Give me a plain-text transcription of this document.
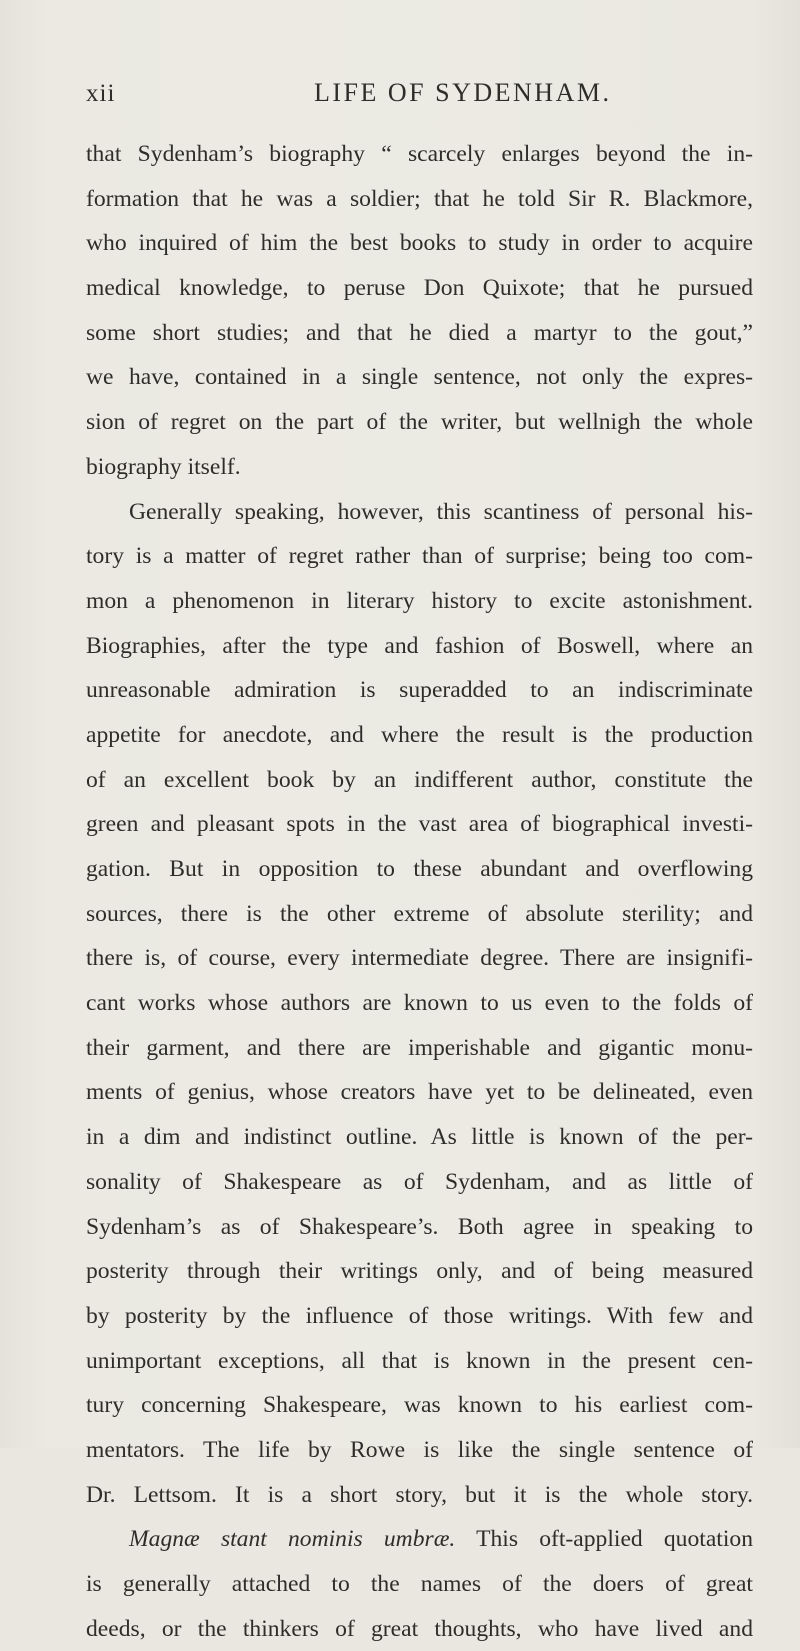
xii	LIFE OF SYDENHAM.
that Sydenham’s biography “ scarcely enlarges beyond the in-
formation that he was a soldier; that he told Sir R. Blackmore,
who inquired of him the best books to study in order to acquire
medical knowledge, to peruse Don Quixote; that he pursued
some short studies; and that he died a martyr to the gout,”
we have, contained in a single sentence, not only the expres-
sion of regret on the part of the writer, but wellnigh the whole
biography itself.
Generally speaking, however, this scantiness of personal his-
tory is a matter of regret rather than of surprise; being too com-
mon a phenomenon in literary history to excite astonishment.
Biographies, after the type and fashion of Boswell, where an
unreasonable admiration is superadded to an indiscriminate
appetite for anecdote, and where the result is the production
of an excellent book by an indifferent author, constitute the
green and pleasant spots in the vast area of biographical investi-
gation. But in opposition to these abundant and overflowing
sources, there is the other extreme of absolute sterility; and
there is, of course, every intermediate degree. There are insignifi-
cant works whose authors are known to us even to the folds of
their garment, and there are imperishable and gigantic monu-
ments of genius, whose creators have yet to be delineated, even
in a dim and indistinct outline. As little is known of the per-
sonality of Shakespeare as of Sydenham, and as little of
Sydenham’s as of Shakespeare’s. Both agree in speaking to
posterity through their writings only, and of being measured
by posterity by the influence of those writings. With few and
unimportant exceptions, all that is known in the present cen-
tury concerning Shakespeare, was known to his earliest com-
mentators. The life by Rowe is like the single sentence of
Dr. Lettsom. It is a short story, but it is the whole story.
Magnæ stant nominis umbræ. This oft-applied quotation
is generally attached to the names of the doers of great
deeds, or the thinkers of great thoughts, who have lived and
